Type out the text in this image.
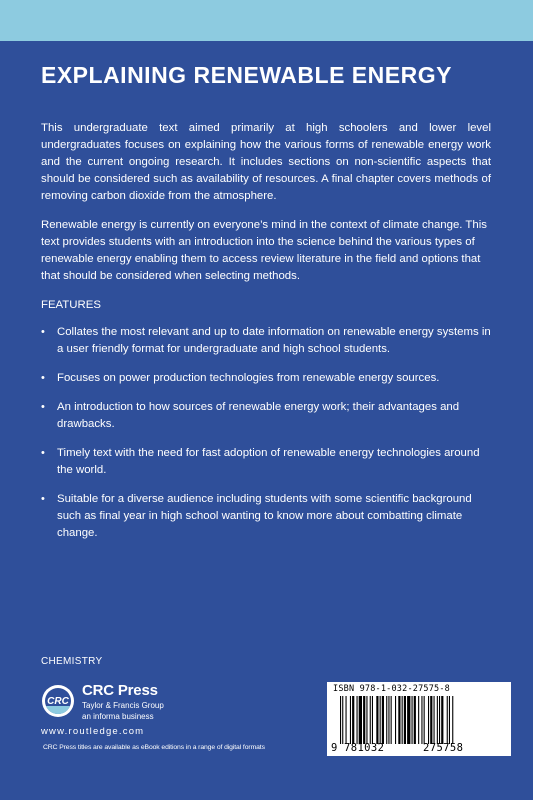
EXPLAINING RENEWABLE ENERGY

This undergraduate text aimed primarily at high schoolers and lower level undergraduates focuses on explaining how the various forms of renewable energy work and the current ongoing research. It includes sections on non-scientific aspects that should be considered such as availability of resources. A final chapter covers methods of removing carbon dioxide from the atmosphere.

Renewable energy is currently on everyone’s mind in the context of climate change. This text provides students with an introduction into the science behind the various types of renewable energy enabling them to access review literature in the field and options that that should be considered when selecting methods.

FEATURES
• Collates the most relevant and up to date information on renewable energy systems in a user friendly format for undergraduate and high school students.
• Focuses on power production technologies from renewable energy sources.
• An introduction to how sources of renewable energy work; their advantages and drawbacks.
• Timely text with the need for fast adoption of renewable energy technologies around the world.
• Suitable for a diverse audience including students with some scientific background such as final year in high school wanting to know more about combatting climate change.
CHEMISTRY
CRC
CRC Press
Taylor & Francis Group
an informa business
www.routledge.com
CRC Press titles are available as eBook editions in a range of digital formats
ISBN 978-1-032-27575-8
9 781032	275758
